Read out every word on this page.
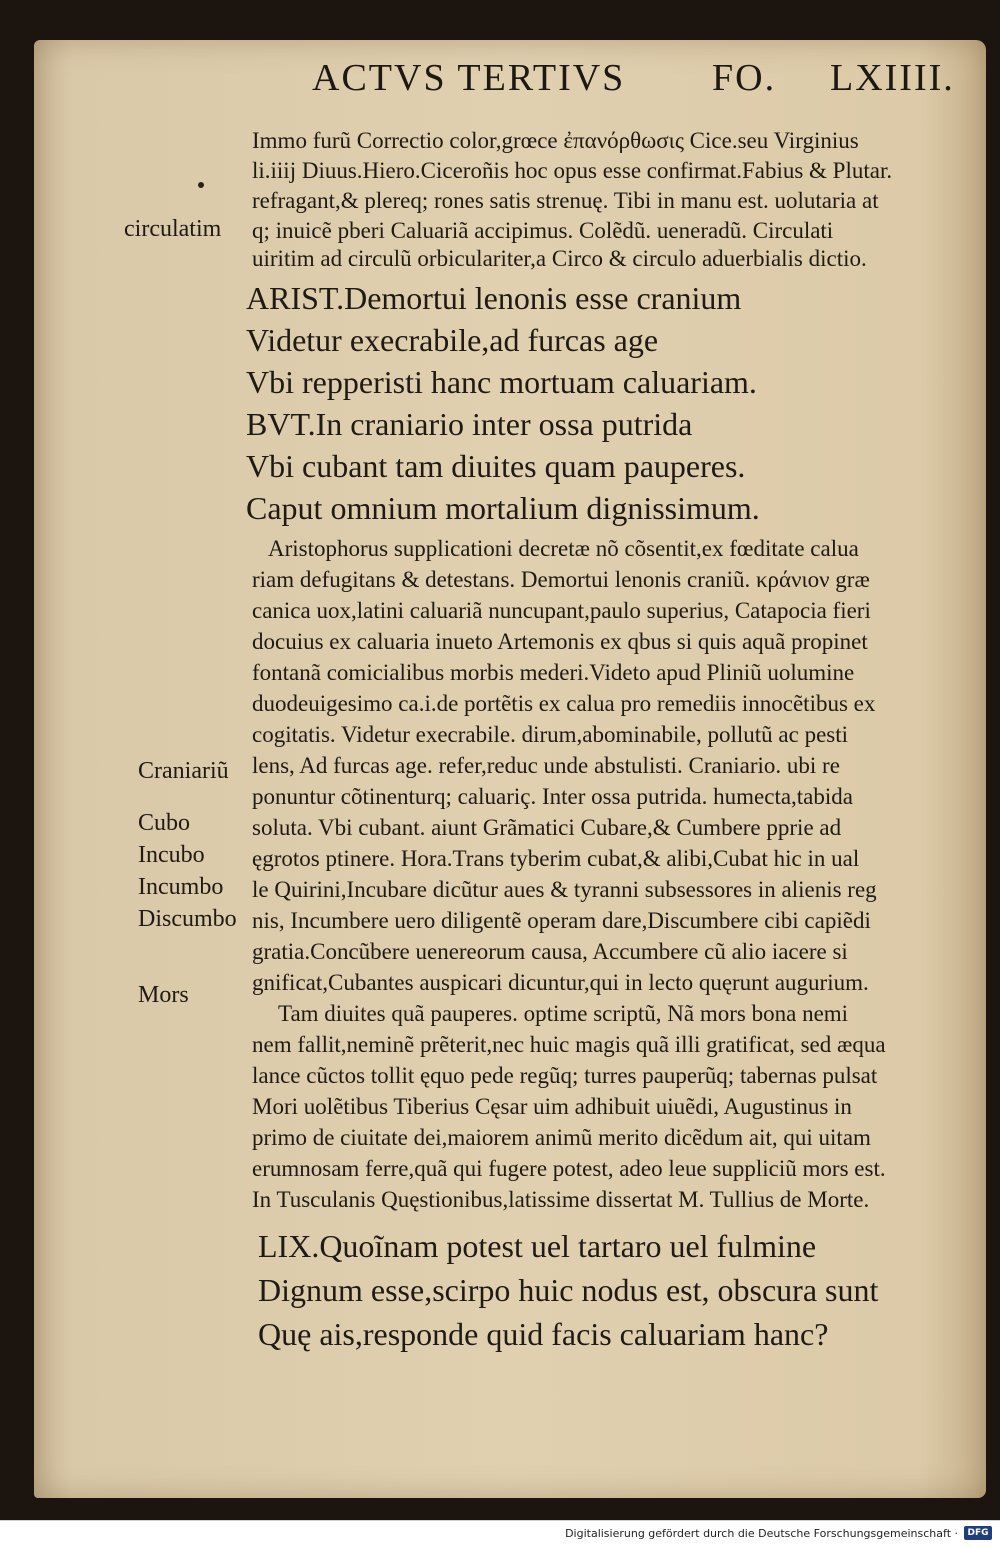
ACTVS TERTIVS FO. LXIIII.
Immo furũ Correctio color,grœce ἐπανόρθωσις Cice.seu Virginius
li.iiij Diuus.Hiero.Ciceroñis hoc opus esse confirmat.Fabius & Plutar.
refragant,& plereq; rones satis strenuę. Tibi in manu est. uolutaria at
q; inuicẽ pberi Caluariã accipimus. Colẽdũ. ueneradũ. Circulati
uiritim ad circulũ orbiculariter,a Circo & circulo aduerbialis dictio.
ARIST.Demortui lenonis esse cranium
Videtur execrabile,ad furcas age
Vbi repperisti hanc mortuam caluariam.
BVT.In craniario inter ossa putrida
Vbi cubant tam diuites quam pauperes.
Caput omnium mortalium dignissimum.
Aristophorus supplicationi decretæ nõ cõsentit,ex fœditate calua
riam defugitans & detestans. Demortui lenonis craniũ. κράνιον græ
canica uox,latini caluariã nuncupant,paulo superius, Catapocia fieri
docuius ex caluaria inueto Artemonis ex qbus si quis aquã propinet
fontanã comicialibus morbis mederi.Videto apud Pliniũ uolumine
duodeuigesimo ca.i.de portẽtis ex calua pro remediis innocẽtibus ex
cogitatis. Videtur execrabile. dirum,abominabile, pollutũ ac pesti
lens, Ad furcas age. refer,reduc unde abstulisti. Craniario. ubi re
ponuntur cõtinenturq; caluariç. Inter ossa putrida. humecta,tabida
soluta. Vbi cubant. aiunt Grãmatici Cubare,& Cumbere pprie ad
ęgrotos ptinere. Hora.Trans tyberim cubat,& alibi,Cubat hic in ual
le Quirini,Incubare dicũtur aues & tyranni subsessores in alienis reg
nis, Incumbere uero diligentẽ operam dare,Discumbere cibi capiẽdi
gratia.Concũbere uenereorum causa, Accumbere cũ alio iacere si
gnificat,Cubantes auspicari dicuntur,qui in lecto quęrunt augurium.
Tam diuites quã pauperes. optime scriptũ, Nã mors bona nemi
nem fallit,neminẽ prẽterit,nec huic magis quã illi gratificat, sed æqua
lance cũctos tollit ęquo pede regũq; turres pauperũq; tabernas pulsat
Mori uolẽtibus Tiberius Cęsar uim adhibuit uiuẽdi, Augustinus in
primo de ciuitate dei,maiorem animũ merito dicẽdum ait, qui uitam
erumnosam ferre,quã qui fugere potest, adeo leue suppliciũ mors est.
In Tusculanis Quęstionibus,latissime dissertat M. Tullius de Morte.
LIX.Quoĩnam potest uel tartaro uel fulmine
Dignum esse,scirpo huic nodus est, obscura sunt
Quę ais,responde quid facis caluariam hanc?
circulatim
Craniariũ
Cubo
Incubo
Incumbo
Discumbo
Mors
Digitalisierung gefördert durch die Deutsche Forschungsgemeinschaft ·	DFG
